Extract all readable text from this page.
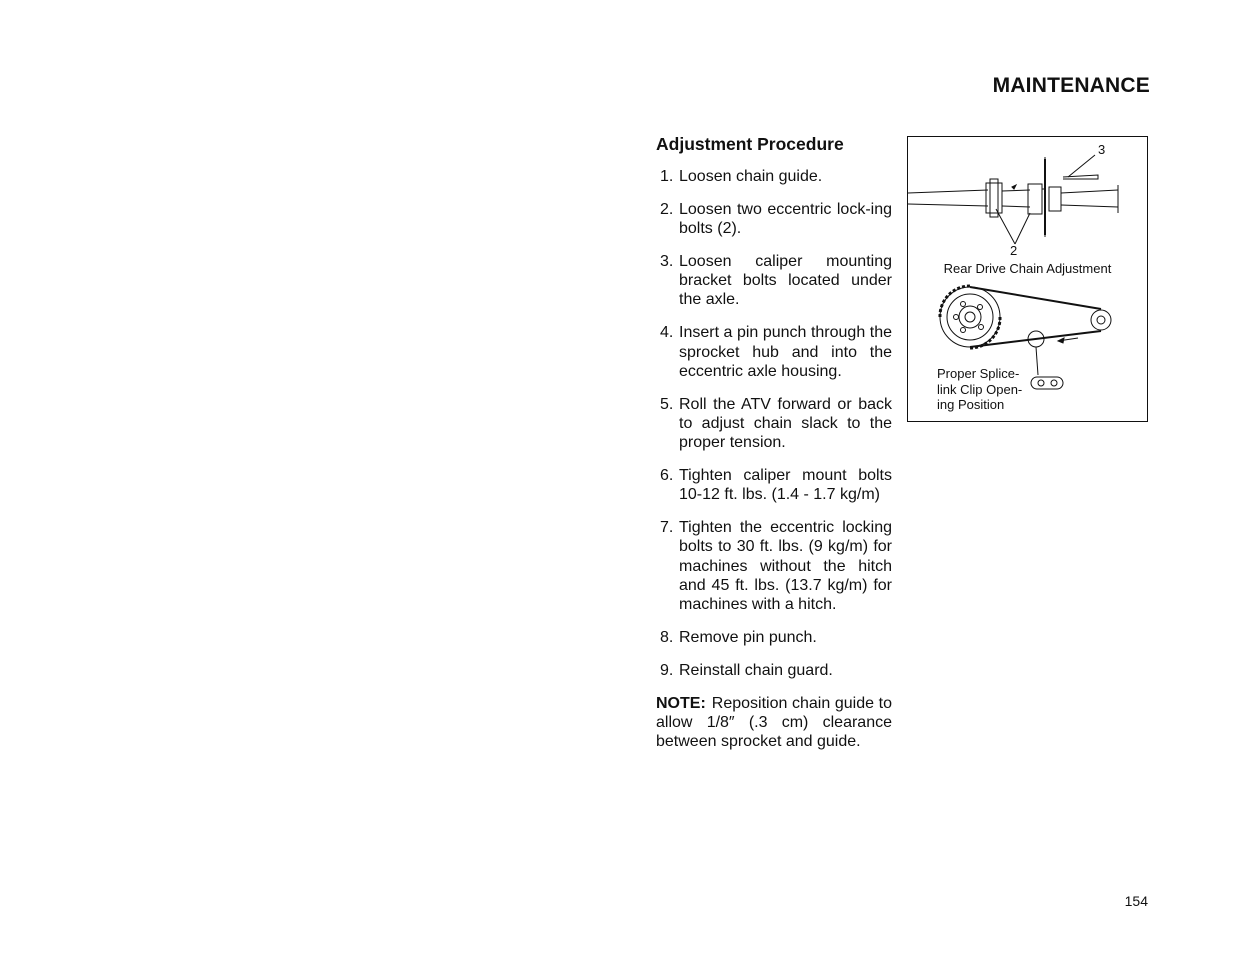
MAINTENANCE
Adjustment Procedure
1. Loosen chain guide.
2. Loosen two eccentric lock-ing bolts (2).
3. Loosen caliper mounting bracket bolts located under the axle.
4. Insert a pin punch through the sprocket hub and into the eccentric axle housing.
5. Roll the ATV forward or back to adjust chain slack to the proper tension.
6. Tighten caliper mount bolts 10-12 ft. lbs. (1.4 - 1.7 kg/m)
7. Tighten the eccentric locking bolts to 30 ft. lbs. (9 kg/m) for machines without the hitch and 45 ft. lbs. (13.7 kg/m) for machines with a hitch.
8. Remove pin punch.
9. Reinstall chain guard.
NOTE: Reposition chain guide to allow 1/8″ (.3 cm) clearance between sprocket and guide.
3
2
Rear Drive Chain Adjustment
Proper Splice-
link Clip Open-
ing Position
154
